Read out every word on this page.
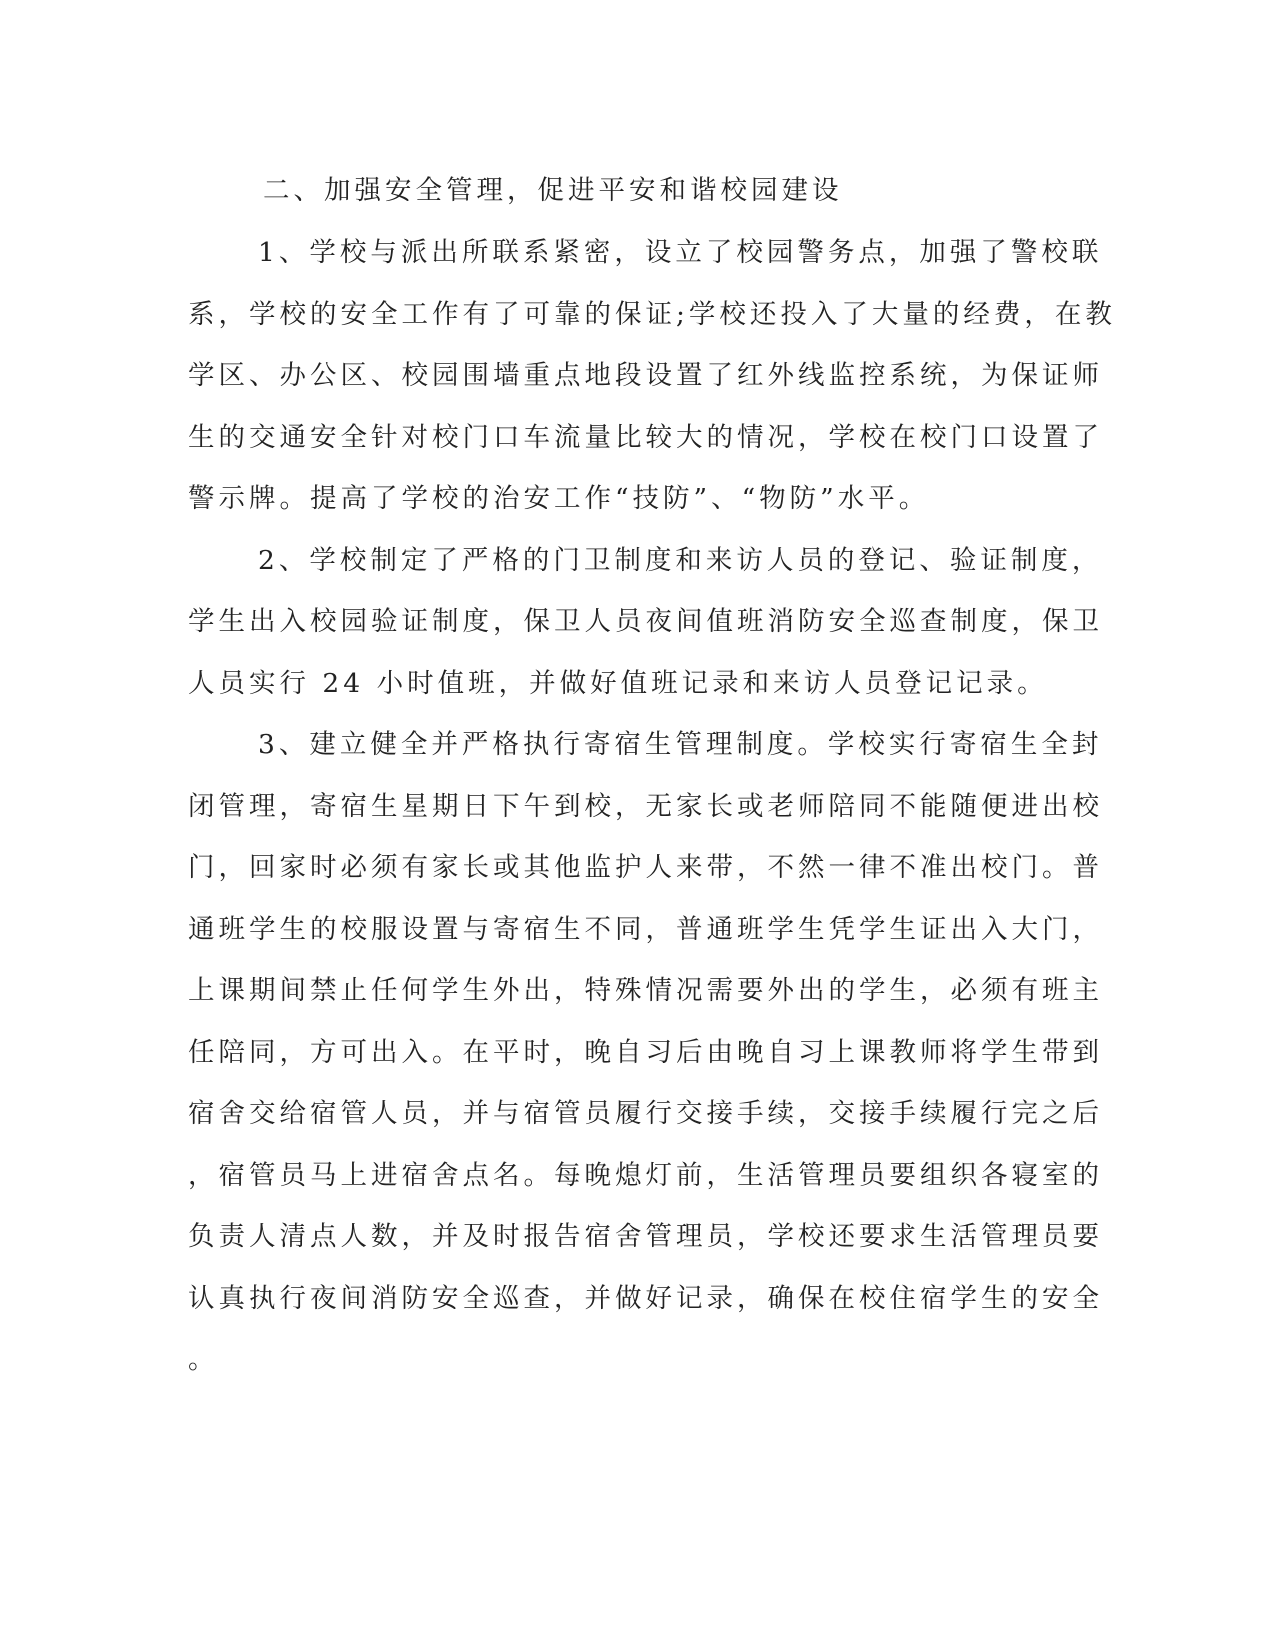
二、加强安全管理，促进平安和谐校园建设
1、学校与派出所联系紧密，设立了校园警务点，加强了警校联
系，学校的安全工作有了可靠的保证;学校还投入了大量的经费，在教
学区、办公区、校园围墙重点地段设置了红外线监控系统，为保证师
生的交通安全针对校门口车流量比较大的情况，学校在校门口设置了
警示牌。提高了学校的治安工作“技防”、“物防”水平。
2、学校制定了严格的门卫制度和来访人员的登记、验证制度，
学生出入校园验证制度，保卫人员夜间值班消防安全巡查制度，保卫
人员实行 24 小时值班，并做好值班记录和来访人员登记记录。
3、建立健全并严格执行寄宿生管理制度。学校实行寄宿生全封
闭管理，寄宿生星期日下午到校，无家长或老师陪同不能随便进出校
门，回家时必须有家长或其他监护人来带，不然一律不准出校门。普
通班学生的校服设置与寄宿生不同，普通班学生凭学生证出入大门，
上课期间禁止任何学生外出，特殊情况需要外出的学生，必须有班主
任陪同，方可出入。在平时，晚自习后由晚自习上课教师将学生带到
宿舍交给宿管人员，并与宿管员履行交接手续，交接手续履行完之后
，宿管员马上进宿舍点名。每晚熄灯前，生活管理员要组织各寝室的
负责人清点人数，并及时报告宿舍管理员，学校还要求生活管理员要
认真执行夜间消防安全巡查，并做好记录，确保在校住宿学生的安全
。
